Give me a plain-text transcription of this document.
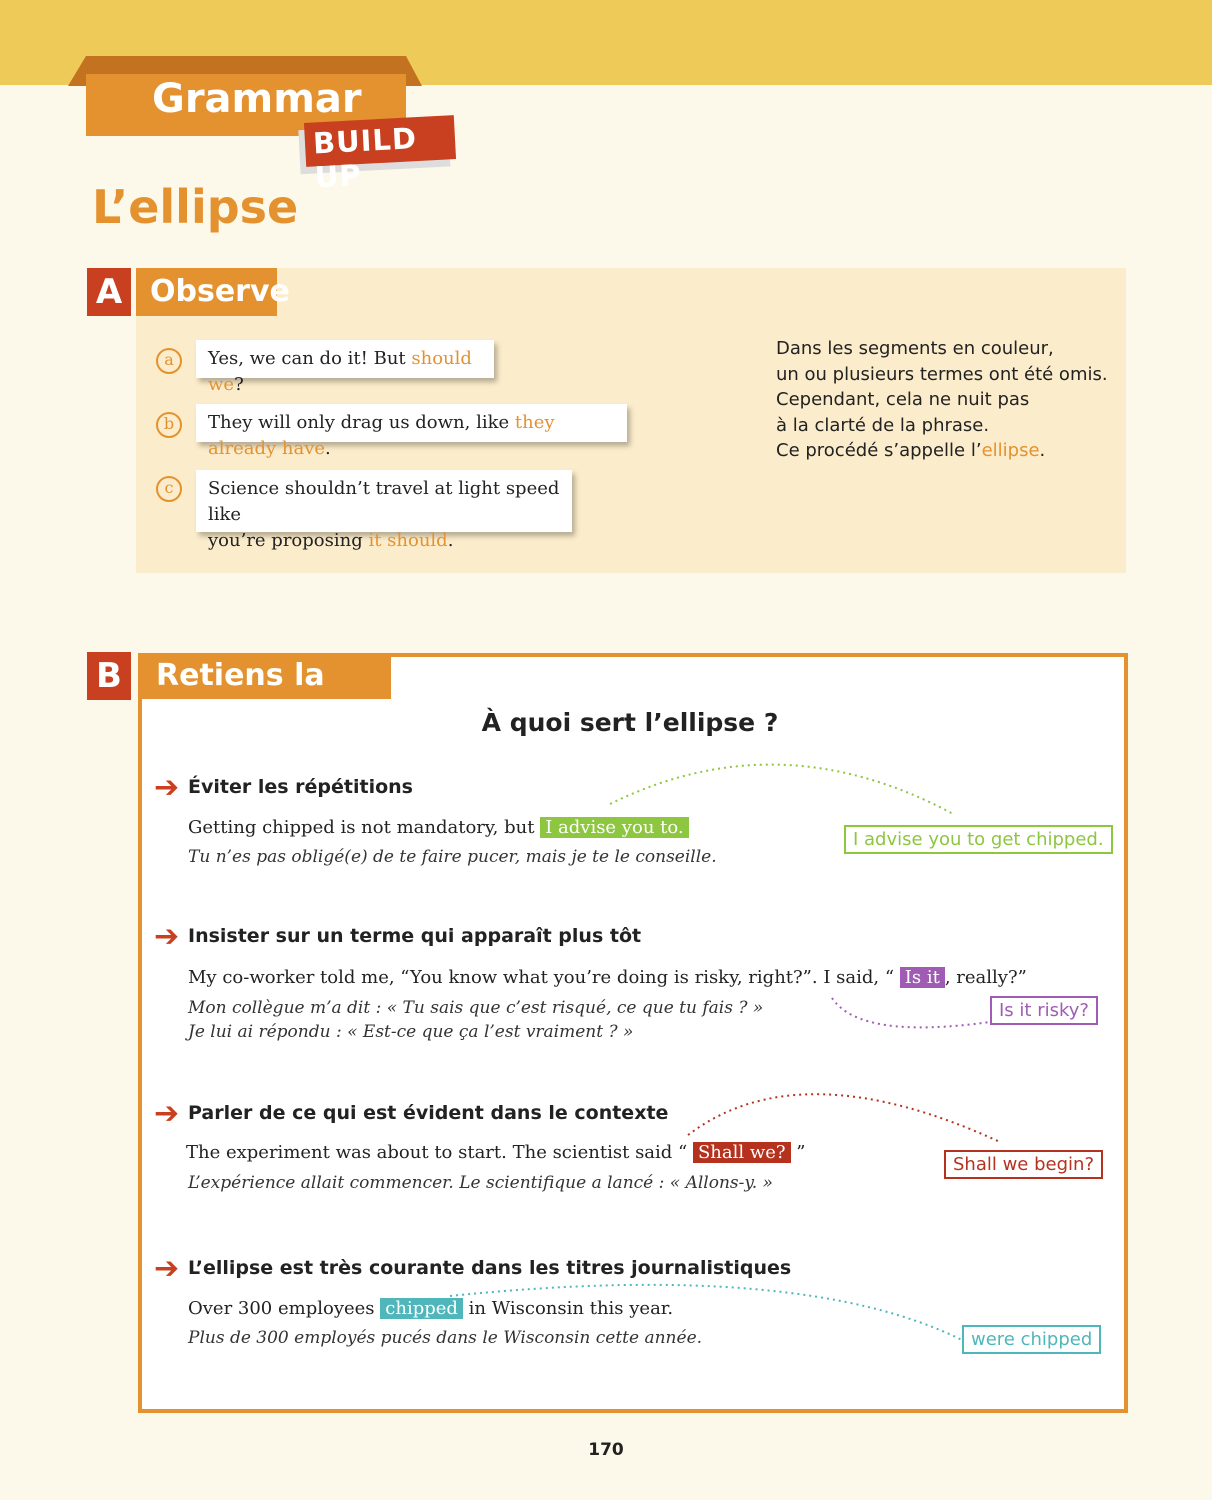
Grammar
BUILD UP
L’ellipse
A Observe
a	Yes, we can do it! But should we?
b	They will only drag us down, like they already have.
c	Science shouldn’t travel at light speed like
you’re proposing it should.
Dans les segments en couleur,
un ou plusieurs termes ont été omis.
Cependant, cela ne nuit pas
à la clarté de la phrase.
Ce procédé s’appelle l’ellipse.
B	Retiens la règle	À quoi sert l’ellipse ?
➔ Éviter les répétitions
Getting chipped is not mandatory, but I advise you to.
Tu n’es pas obligé(e) de te faire pucer, mais je te le conseille.
I advise you to get chipped.
➔ Insister sur un terme qui apparaît plus tôt
My co-worker told me, “You know what you’re doing is risky, right?”. I said, “ Is it , really?”
Mon collègue m’a dit : « Tu sais que c’est risqué, ce que tu fais ? »
Je lui ai répondu : « Est-ce que ça l’est vraiment ? »
Is it risky?
➔ Parler de ce qui est évident dans le contexte
The experiment was about to start. The scientist said “ Shall we? ”
L’expérience allait commencer. Le scientifique a lancé : « Allons-y. »
Shall we begin?
➔ L’ellipse est très courante dans les titres journalistiques
Over 300 employees chipped in Wisconsin this year.
Plus de 300 employés pucés dans le Wisconsin cette année.	were chipped
170
